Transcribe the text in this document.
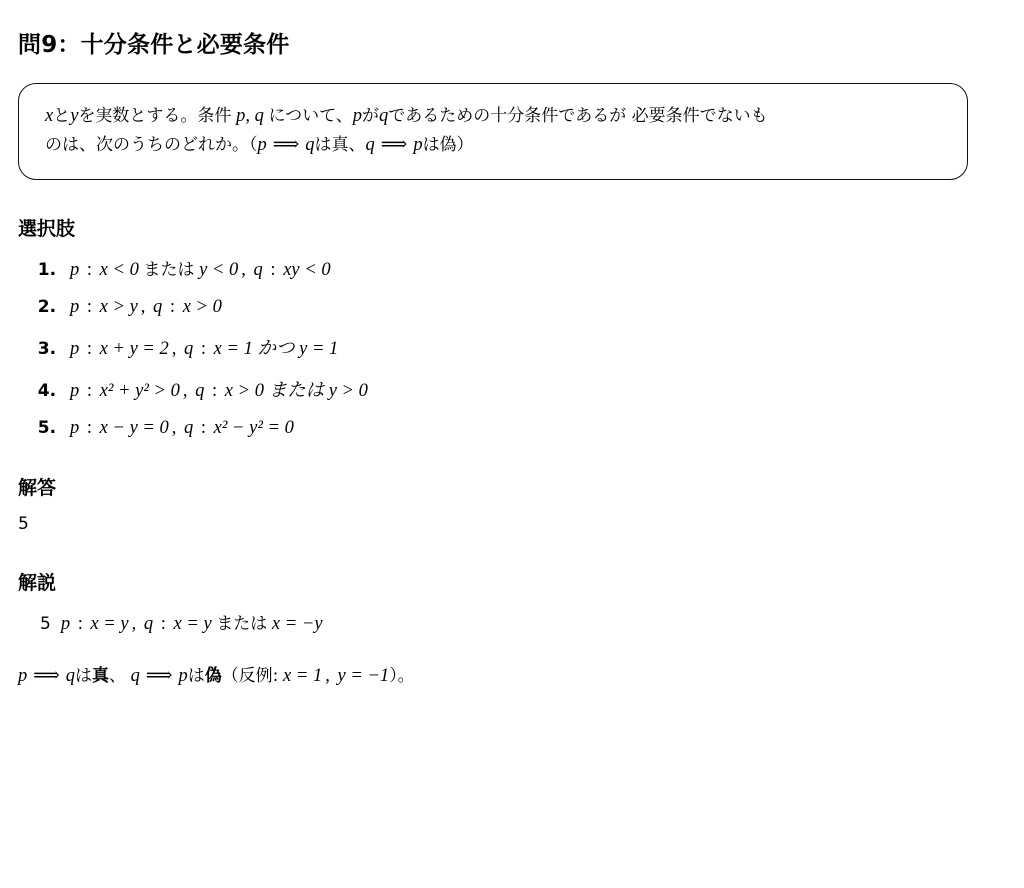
問9：十分条件と必要条件
xとyを実数とする。条件 p, q について、pがqであるための十分条件であるが 必要条件でないも
のは、次のうちのどれか。（p ⟹ qは真、q ⟹ pは偽）
選択肢
1. p : x < 0 または y < 0 , q : xy < 0
2. p : x > y , q : x > 0
3. p : x + y = 2 , q : x = 1 かつ y = 1
4. p : x² + y² > 0 , q : x > 0 または y > 0
5. p : x − y = 0 , q : x² − y² = 0
解答
5
解説
5 p : x = y , q : x = y または x = −y
p ⟹ qは真、 q ⟹ pは偽（反例: x = 1 , y = −1）。
